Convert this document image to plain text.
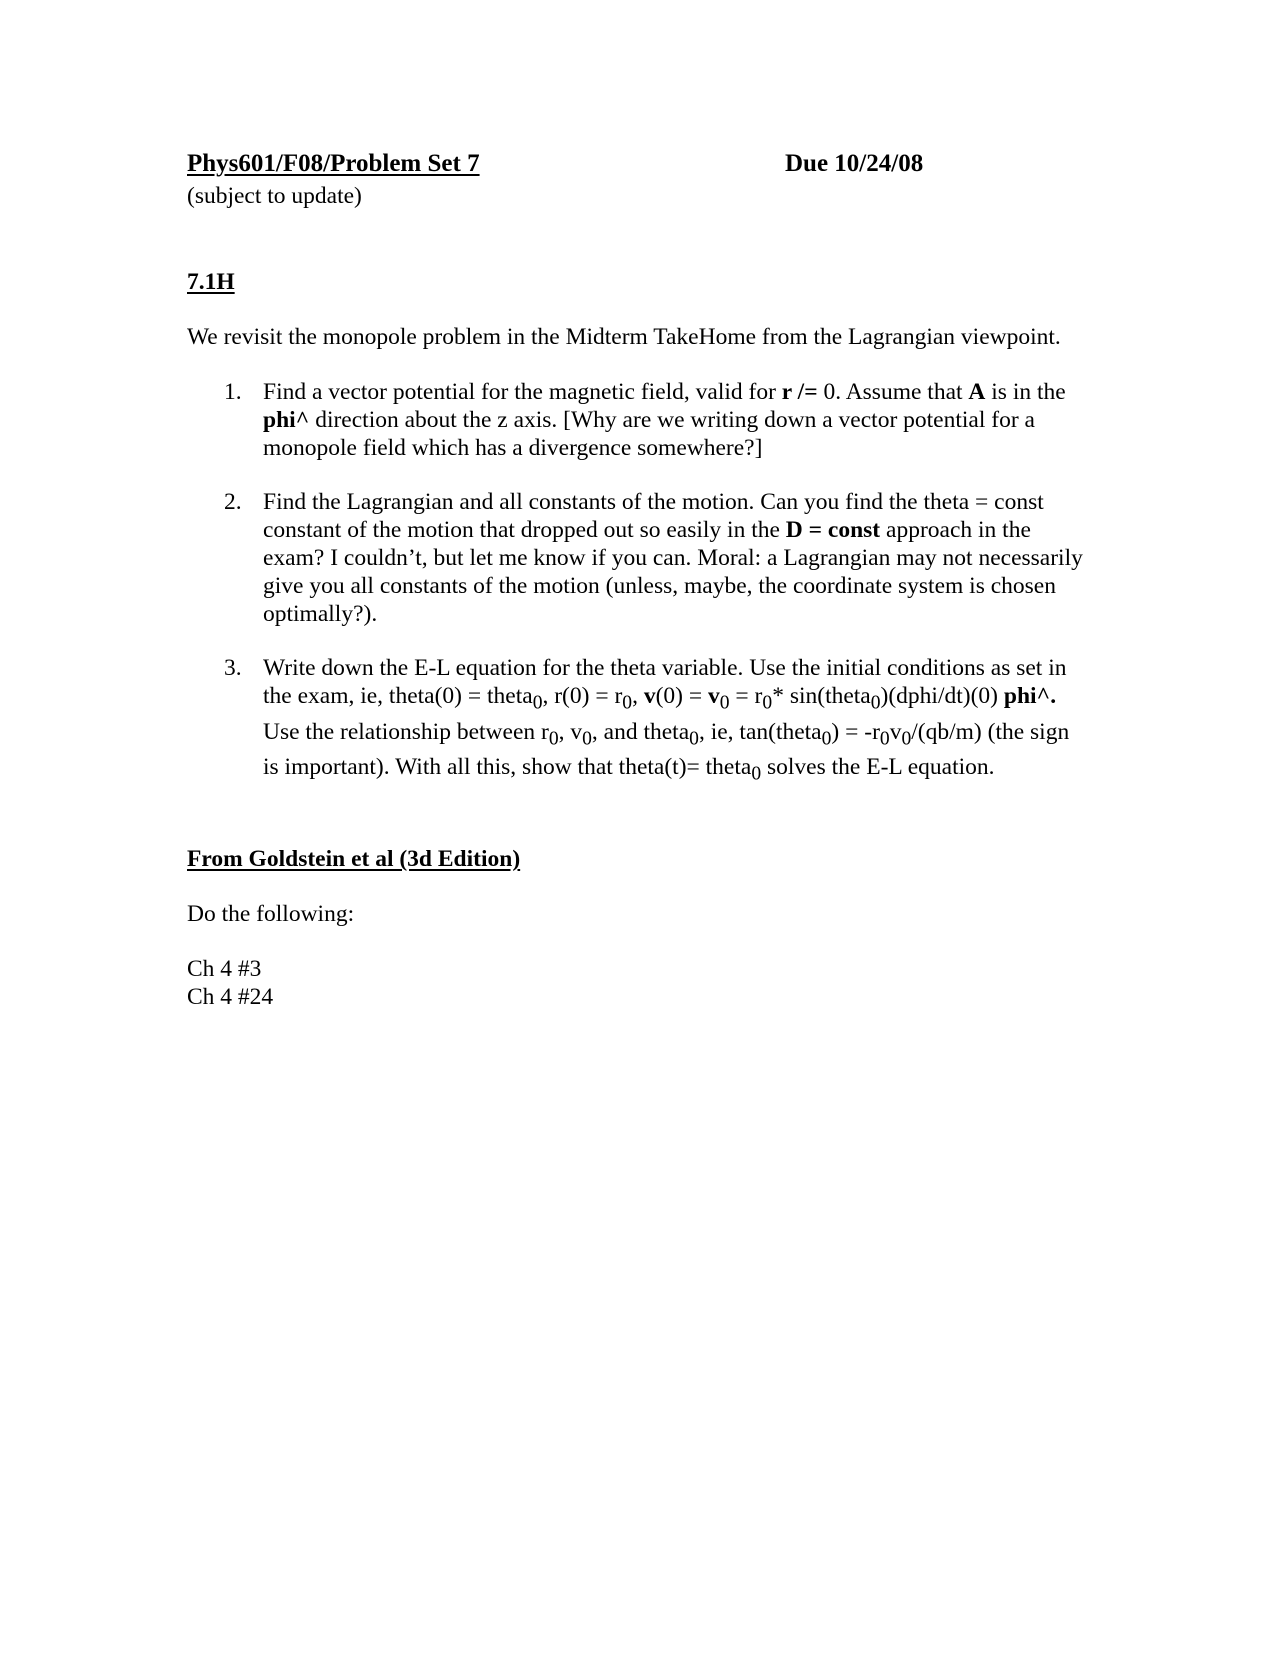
Phys601/F08/Problem Set 7	Due 10/24/08
(subject to update)
7.1H
We revisit the monopole problem in the Midterm TakeHome from the Lagrangian viewpoint.
1. Find a vector potential for the magnetic field, valid for r /= 0. Assume that A is in the phi^ direction about the z axis. [Why are we writing down a vector potential for a monopole field which has a divergence somewhere?]
2. Find the Lagrangian and all constants of the motion. Can you find the theta = const constant of the motion that dropped out so easily in the D = const approach in the exam? I couldn’t, but let me know if you can. Moral: a Lagrangian may not necessarily give you all constants of the motion (unless, maybe, the coordinate system is chosen optimally?).
3. Write down the E-L equation for the theta variable. Use the initial conditions as set in the exam, ie, theta(0) = theta$_0$, $r(0) = r_0$, $v(0) = v_0 = r_0*$ sin(theta$_0$)(dphi/dt)(0) phi^. Use the relationship between $r_0$, $v_0$, and theta$_0$, ie, tan(theta$_0$) = $-r_0v_0/(qb/m)$ (the sign is important). With all this, show that theta(t)= theta$_0$ solves the E-L equation.
From Goldstein et al (3d Edition)
Do the following:
Ch 4 #3
Ch 4 #24
